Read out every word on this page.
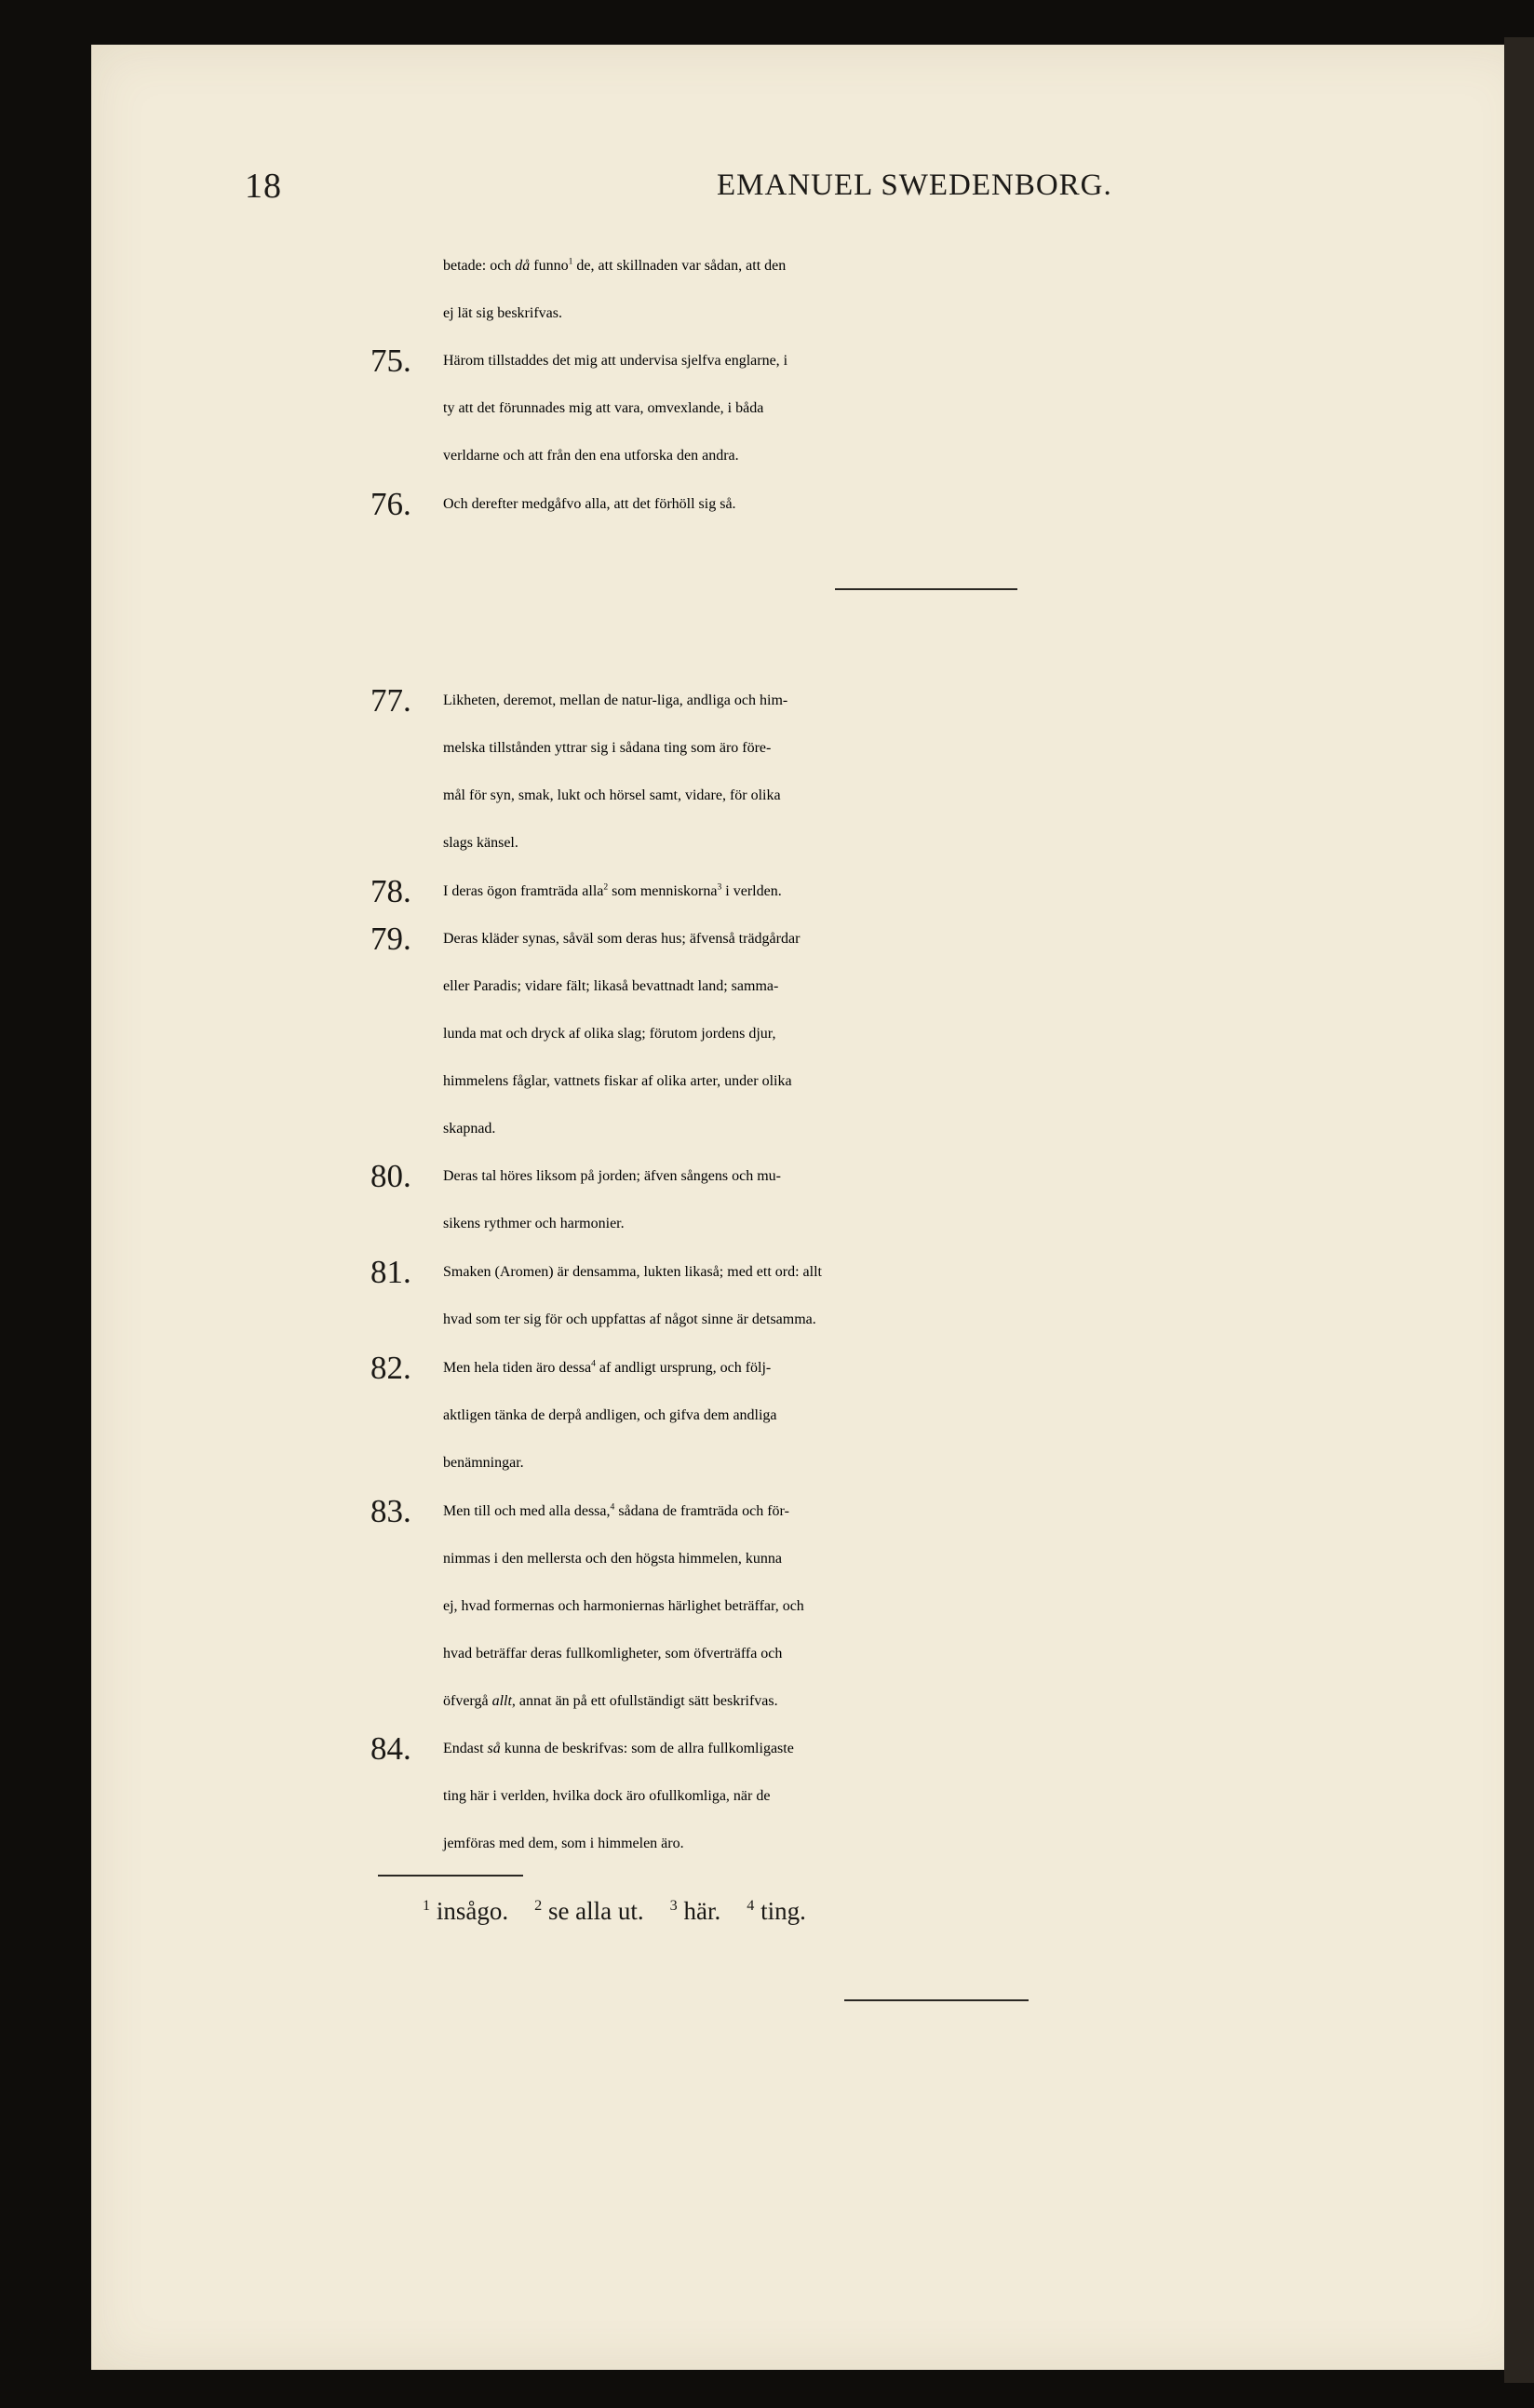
18	EMANUEL SWEDENBORG.
betade: och då funno$^1$ de, att skillnaden var sådan, att den
ej lät sig beskrifvas.
75.	Härom tillstaddes det mig att undervisa sjelfva englarne, i
ty att det förunnades mig att vara, omvexlande, i båda
verldarne och att från den ena utforska den andra.
76.	Och derefter medgåfvo alla, att det förhöll sig så.
77.	Likheten, deremot, mellan de natur-liga, andliga och him-
melska tillstånden yttrar sig i sådana ting som äro före-
mål för syn, smak, lukt och hörsel samt, vidare, för olika
slags känsel.
78.	I deras ögon framträda alla$^2$ som menniskorna$^3$ i verlden.
79.	Deras kläder synas, såväl som deras hus; äfvenså trädgårdar
eller Paradis; vidare fält; likaså bevattnadt land; samma-
lunda mat och dryck af olika slag; förutom jordens djur,
himmelens fåglar, vattnets fiskar af olika arter, under olika
skapnad.
80.	Deras tal höres liksom på jorden; äfven sångens och mu-
sikens rythmer och harmonier.
81.	Smaken (Aromen) är densamma, lukten likaså; med ett ord: allt
hvad som ter sig för och uppfattas af något sinne är detsamma.
82.	Men hela tiden äro dessa$^4$ af andligt ursprung, och följ-
aktligen tänka de derpå andligen, och gifva dem andliga
benämningar.
83.	Men till och med alla dessa,$^4$ sådana de framträda och för-
nimmas i den mellersta och den högsta himmelen, kunna
ej, hvad formernas och harmoniernas härlighet beträffar, och
hvad beträffar deras fullkomligheter, som öfverträffa och
öfvergå allt, annat än på ett ofullständigt sätt beskrifvas.
84.	Endast så kunna de beskrifvas: som de allra fullkomligaste
ting här i verlden, hvilka dock äro ofullkomliga, när de
jemföras med dem, som i himmelen äro.
$^1$ insågo. $^2$ se alla ut. $^3$ här. $^4$ ting.
